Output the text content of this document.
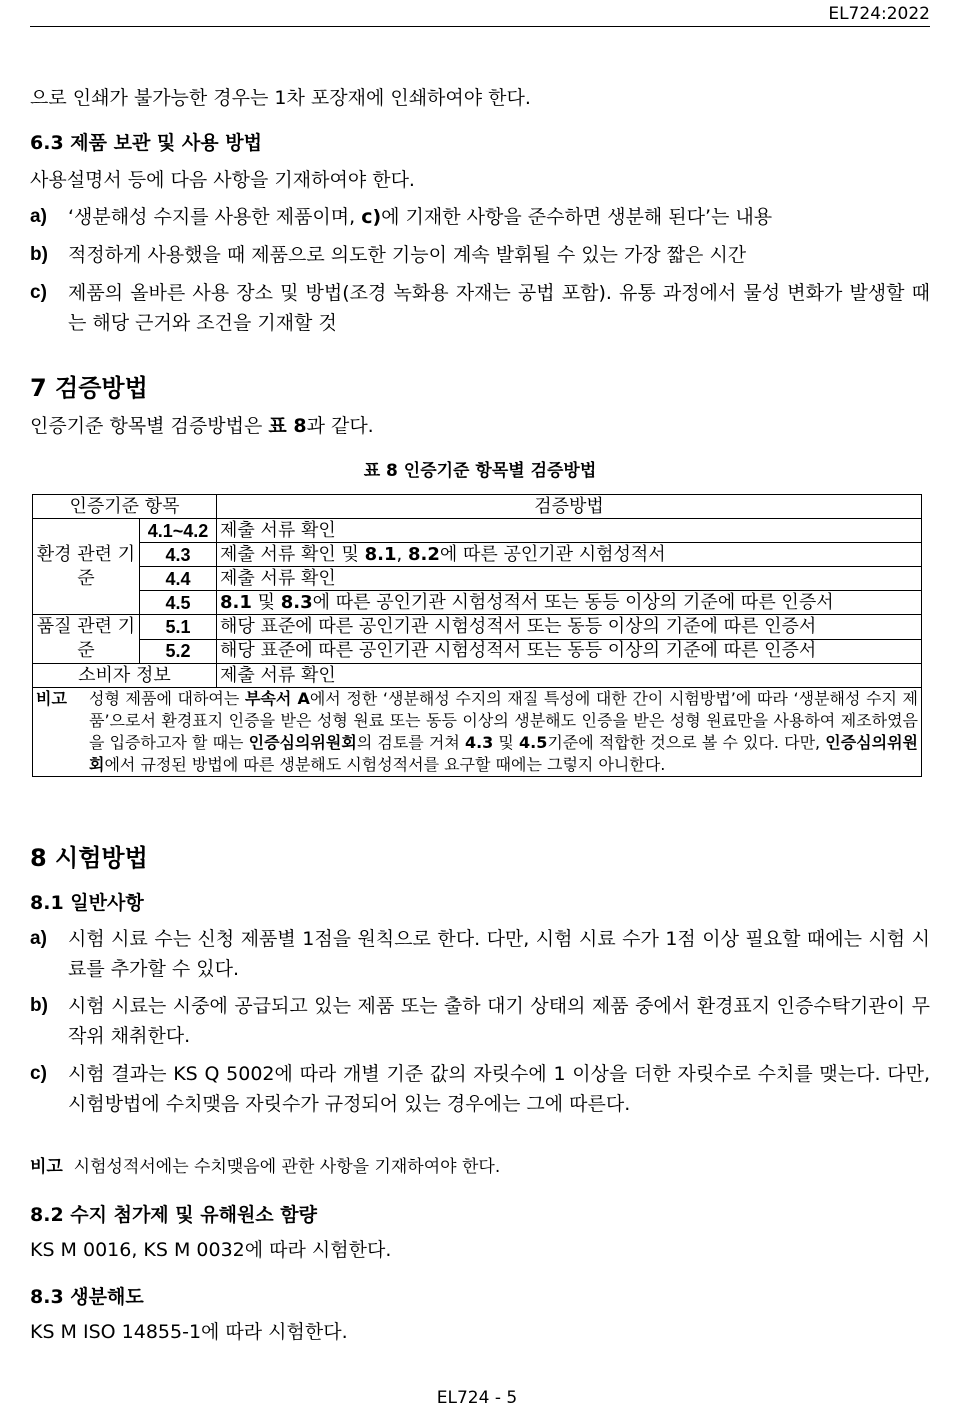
EL724:2022
으로 인쇄가 불가능한 경우는 1차 포장재에 인쇄하여야 한다.
6.3 제품 보관 및 사용 방법
사용설명서 등에 다음 사항을 기재하여야 한다.
a) ‘생분해성 수지를 사용한 제품이며, c)에 기재한 사항을 준수하면 생분해 된다’는 내용
b) 적정하게 사용했을 때 제품으로 의도한 기능이 계속 발휘될 수 있는 가장 짧은 시간
c) 제품의 올바른 사용 장소 및 방법(조경 녹화용 자재는 공법 포함). 유통 과정에서 물성 변화가 발생할 때는 해당 근거와 조건을 기재할 것
7 검증방법
인증기준 항목별 검증방법은 표 8과 같다.
표 8 인증기준 항목별 검증방법
인증기준 항목		검증방법
환경 관련 기준	4.1~4.2	제출 서류 확인
	4.3	제출 서류 확인 및 8.1, 8.2에 따른 공인기관 시험성적서
	4.4	제출 서류 확인
	4.5	8.1 및 8.3에 따른 공인기관 시험성적서 또는 동등 이상의 기준에 따른 인증서
품질 관련 기준	5.1	해당 표준에 따른 공인기관 시험성적서 또는 동등 이상의 기준에 따른 인증서
	5.2	해당 표준에 따른 공인기관 시험성적서 또는 동등 이상의 기준에 따른 인증서
소비자 정보		제출 서류 확인

비고 성형 제품에 대하여는 부속서 A에서 정한 ‘생분해성 수지의 재질 특성에 대한 간이 시험방법’에 따라 ‘생분해성 수지 제품’으로서 환경표지 인증을 받은 성형 원료 또는 동등 이상의 생분해도 인증을 받은 성형 원료만을 사용하여 제조하였음을 입증하고자 할 때는 인증심의위원회의 검토를 거쳐 4.3 및 4.5기준에 적합한 것으로 볼 수 있다. 다만, 인증심의위원회에서 규정된 방법에 따른 생분해도 시험성적서를 요구할 때에는 그렇지 아니한다.		
8 시험방법
8.1 일반사항
a) 시험 시료 수는 신청 제품별 1점을 원칙으로 한다. 다만, 시험 시료 수가 1점 이상 필요할 때에는 시험 시료를 추가할 수 있다.
b) 시험 시료는 시중에 공급되고 있는 제품 또는 출하 대기 상태의 제품 중에서 환경표지 인증수탁기관이 무작위 채취한다.
c) 시험 결과는 KS Q 5002에 따라 개별 기준 값의 자릿수에 1 이상을 더한 자릿수로 수치를 맺는다. 다만, 시험방법에 수치맺음 자릿수가 규정되어 있는 경우에는 그에 따른다.
비고 시험성적서에는 수치맺음에 관한 사항을 기재하여야 한다.
8.2 수지 첨가제 및 유해원소 함량
KS M 0016, KS M 0032에 따라 시험한다.
8.3 생분해도
KS M ISO 14855-1에 따라 시험한다.
EL724 - 5
